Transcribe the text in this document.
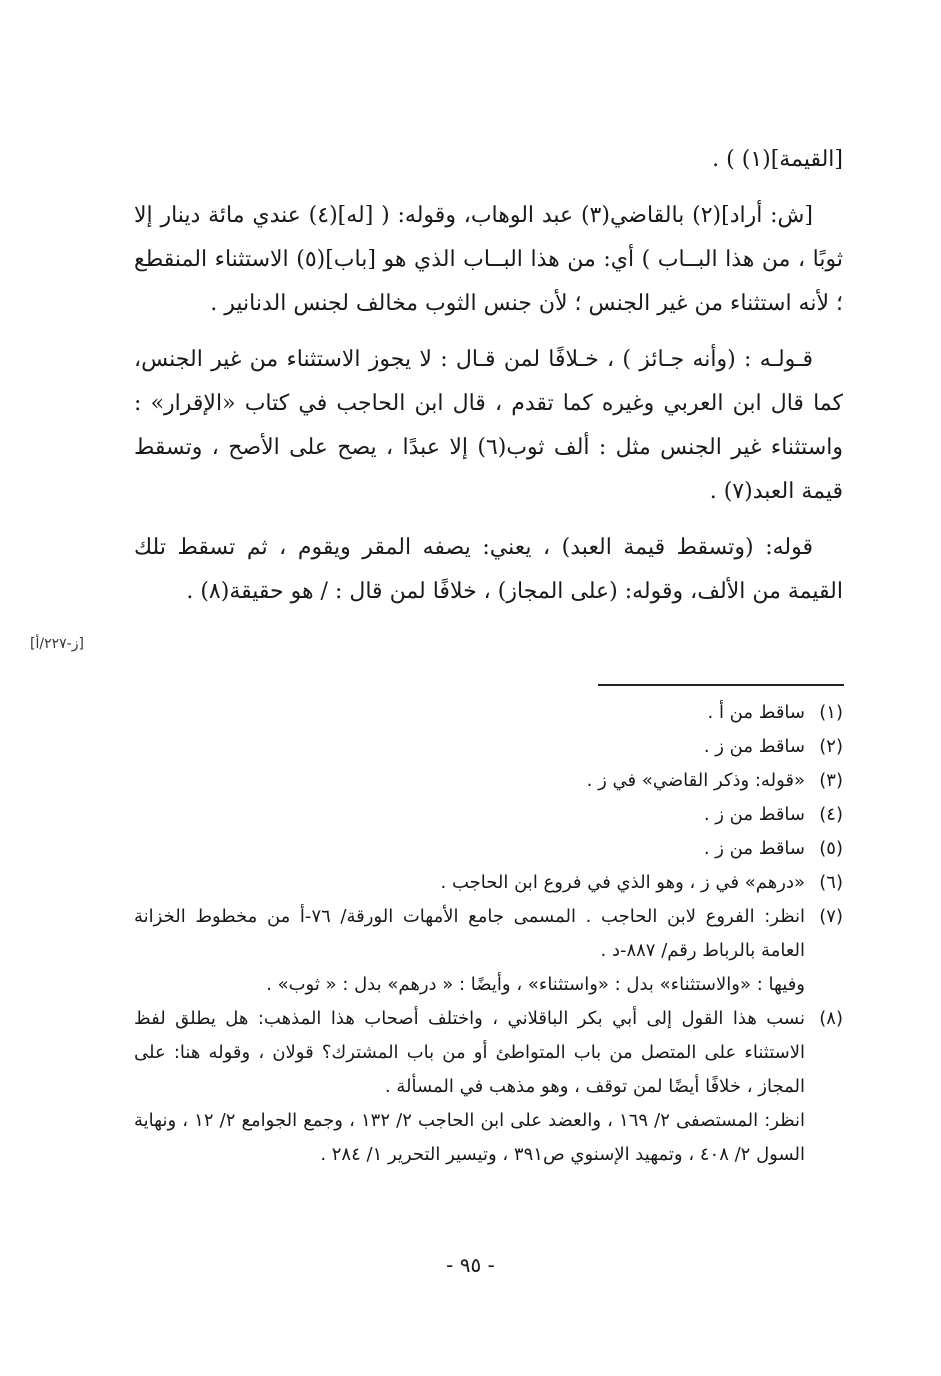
[القيمة](١) ) .

[ش: أراد](٢) بالقاضي(٣) عبد الوهاب، وقوله: ( [له](٤) عندي مائة دينار إلا ثوبًا ، من هذا البــاب ) أي: من هذا البــاب الذي هو [باب](٥) الاستثناء المنقطع ؛ لأنه استثناء من غير الجنس ؛ لأن جنس الثوب مخالف لجنس الدنانير .

قـولـه : (وأنه جـائز ) ، خـلافًا لمن قـال : لا يجوز الاستثناء من غير الجنس، كما قال ابن العربي وغيره كما تقدم ، قال ابن الحاجب في كتاب «الإقرار» : واستثناء غير الجنس مثل : ألف ثوب(٦) إلا عبدًا ، يصح على الأصح ، وتسقط قيمة العبد(٧) .

قوله: (وتسقط قيمة العبد) ، يعني: يصفه المقر ويقوم ، ثم تسقط تلك القيمة من الألف، وقوله: (على المجاز) ، خلافًا لمن قال : / هو حقيقة(٨) .

[ز-٢٢٧/أ]
(١)
ساقط من أ .
(٢)
ساقط من ز .
(٣)
«قوله: وذكر القاضي» في ز .
(٤)
ساقط من ز .
(٥)
ساقط من ز .
(٦)
«درهم» في ز ، وهو الذي في فروع ابن الحاجب .
(٧)
انظر: الفروع لابن الحاجب . المسمى جامع الأمهات الورقة/ ٧٦-أ من مخطوط الخزانة العامة بالرباط رقم/ ٨٨٧-د .
وفيها : «والاستثناء» بدل : «واستثناء» ، وأيضًا : « درهم» بدل : « ثوب» .
(٨)
نسب هذا القول إلى أبي بكر الباقلاني ، واختلف أصحاب هذا المذهب: هل يطلق لفظ الاستثناء على المتصل من باب المتواطئ أو من باب المشترك؟ قولان ، وقوله هنا: على المجاز ، خلافًا أيضًا لمن توقف ، وهو مذهب في المسألة .
انظر: المستصفى ٢/ ١٦٩ ، والعضد على ابن الحاجب ٢/ ١٣٢ ، وجمع الجوامع ٢/ ١٢ ، ونهاية السول ٢/ ٤٠٨ ، وتمهيد الإسنوي ص٣٩١ ، وتيسير التحرير ١/ ٢٨٤ .
- ٩٥ -
